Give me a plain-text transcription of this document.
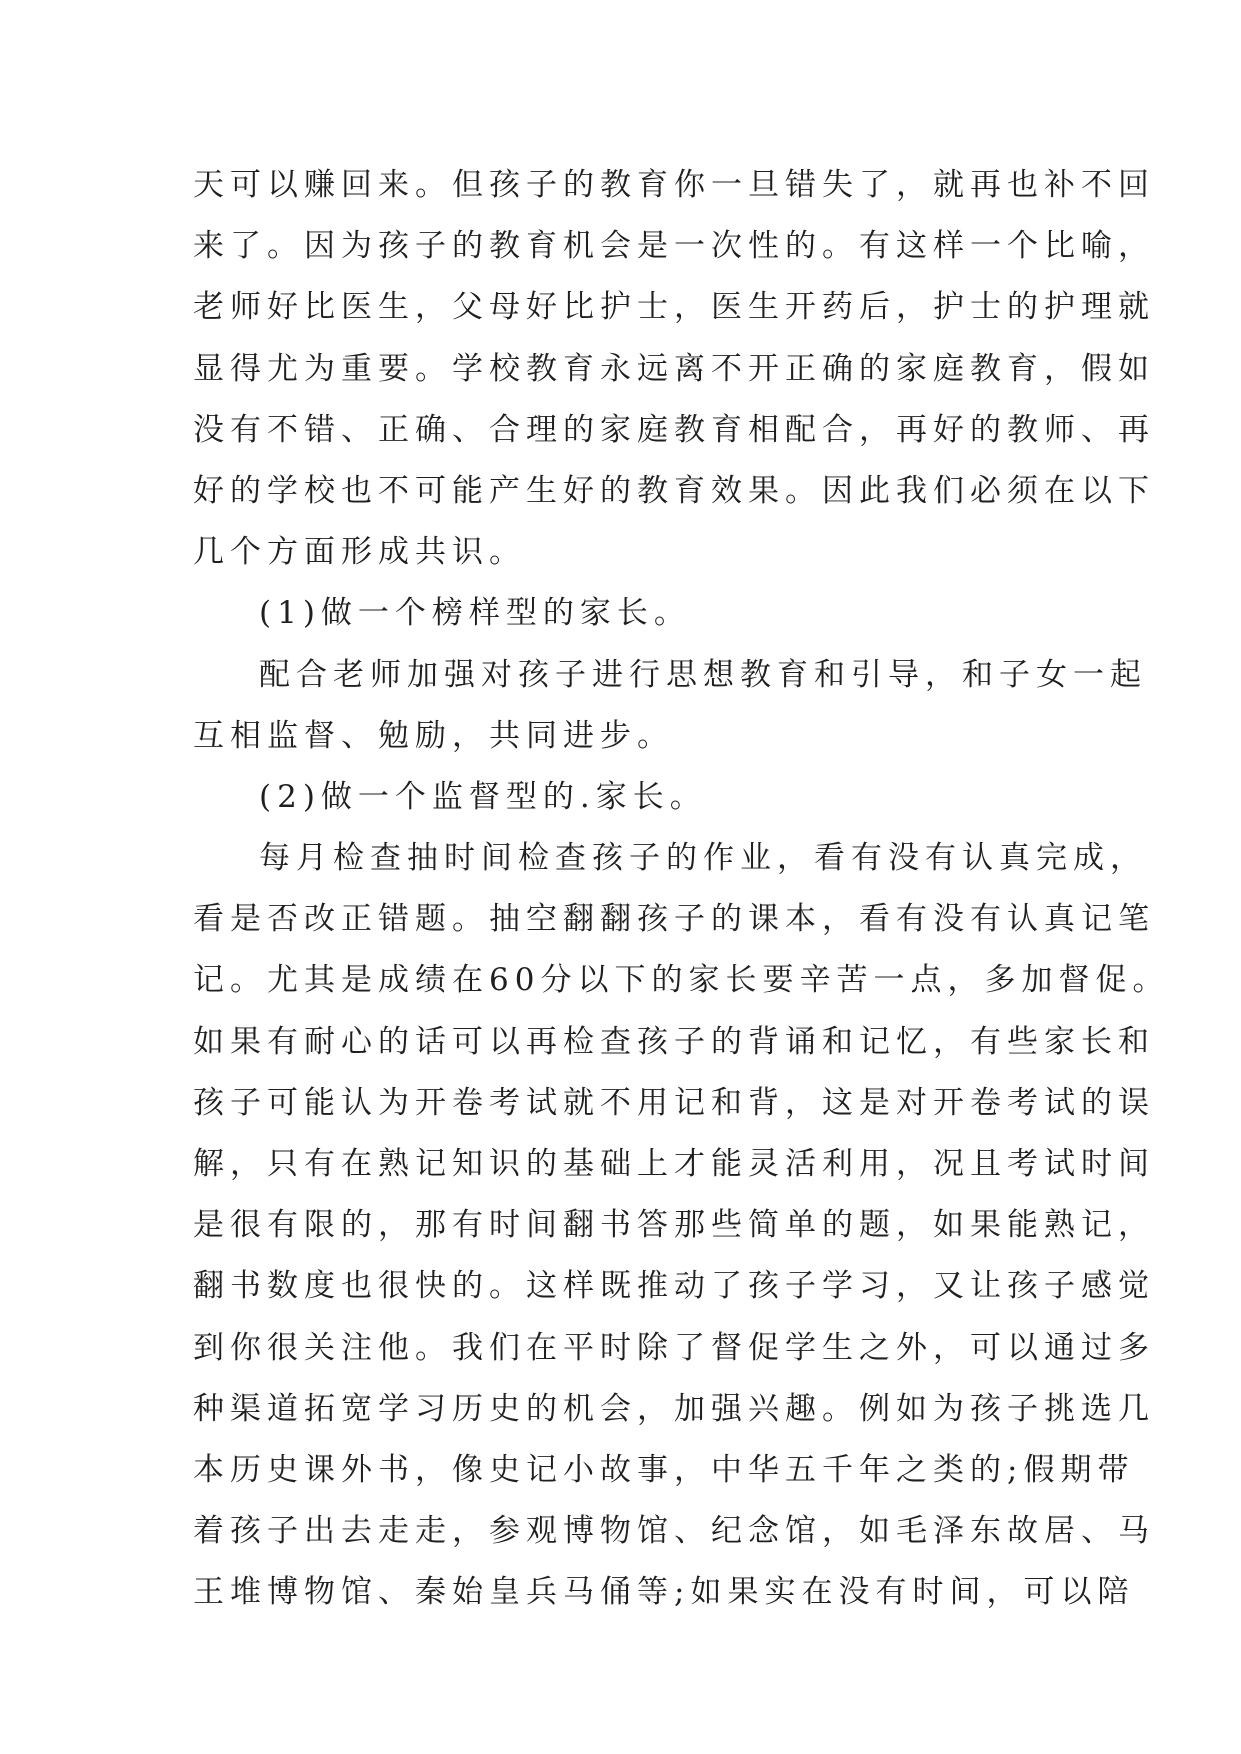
天可以赚回来。但孩子的教育你一旦错失了，就再也补不回
来了。因为孩子的教育机会是一次性的。有这样一个比喻，
老师好比医生，父母好比护士，医生开药后，护士的护理就
显得尤为重要。学校教育永远离不开正确的家庭教育，假如
没有不错、正确、合理的家庭教育相配合，再好的教师、再
好的学校也不可能产生好的教育效果。因此我们必须在以下
几个方面形成共识。
(1)做一个榜样型的家长。
配合老师加强对孩子进行思想教育和引导，和子女一起
互相监督、勉励，共同进步。
(2)做一个监督型的.家长。
每月检查抽时间检查孩子的作业，看有没有认真完成，
看是否改正错题。抽空翻翻孩子的课本，看有没有认真记笔
记。尤其是成绩在60分以下的家长要辛苦一点，多加督促。
如果有耐心的话可以再检查孩子的背诵和记忆，有些家长和
孩子可能认为开卷考试就不用记和背，这是对开卷考试的误
解，只有在熟记知识的基础上才能灵活利用，况且考试时间
是很有限的，那有时间翻书答那些简单的题，如果能熟记，
翻书数度也很快的。这样既推动了孩子学习，又让孩子感觉
到你很关注他。我们在平时除了督促学生之外，可以通过多
种渠道拓宽学习历史的机会，加强兴趣。例如为孩子挑选几
本历史课外书，像史记小故事，中华五千年之类的;假期带
着孩子出去走走，参观博物馆、纪念馆，如毛泽东故居、马
王堆博物馆、秦始皇兵马俑等;如果实在没有时间，可以陪
